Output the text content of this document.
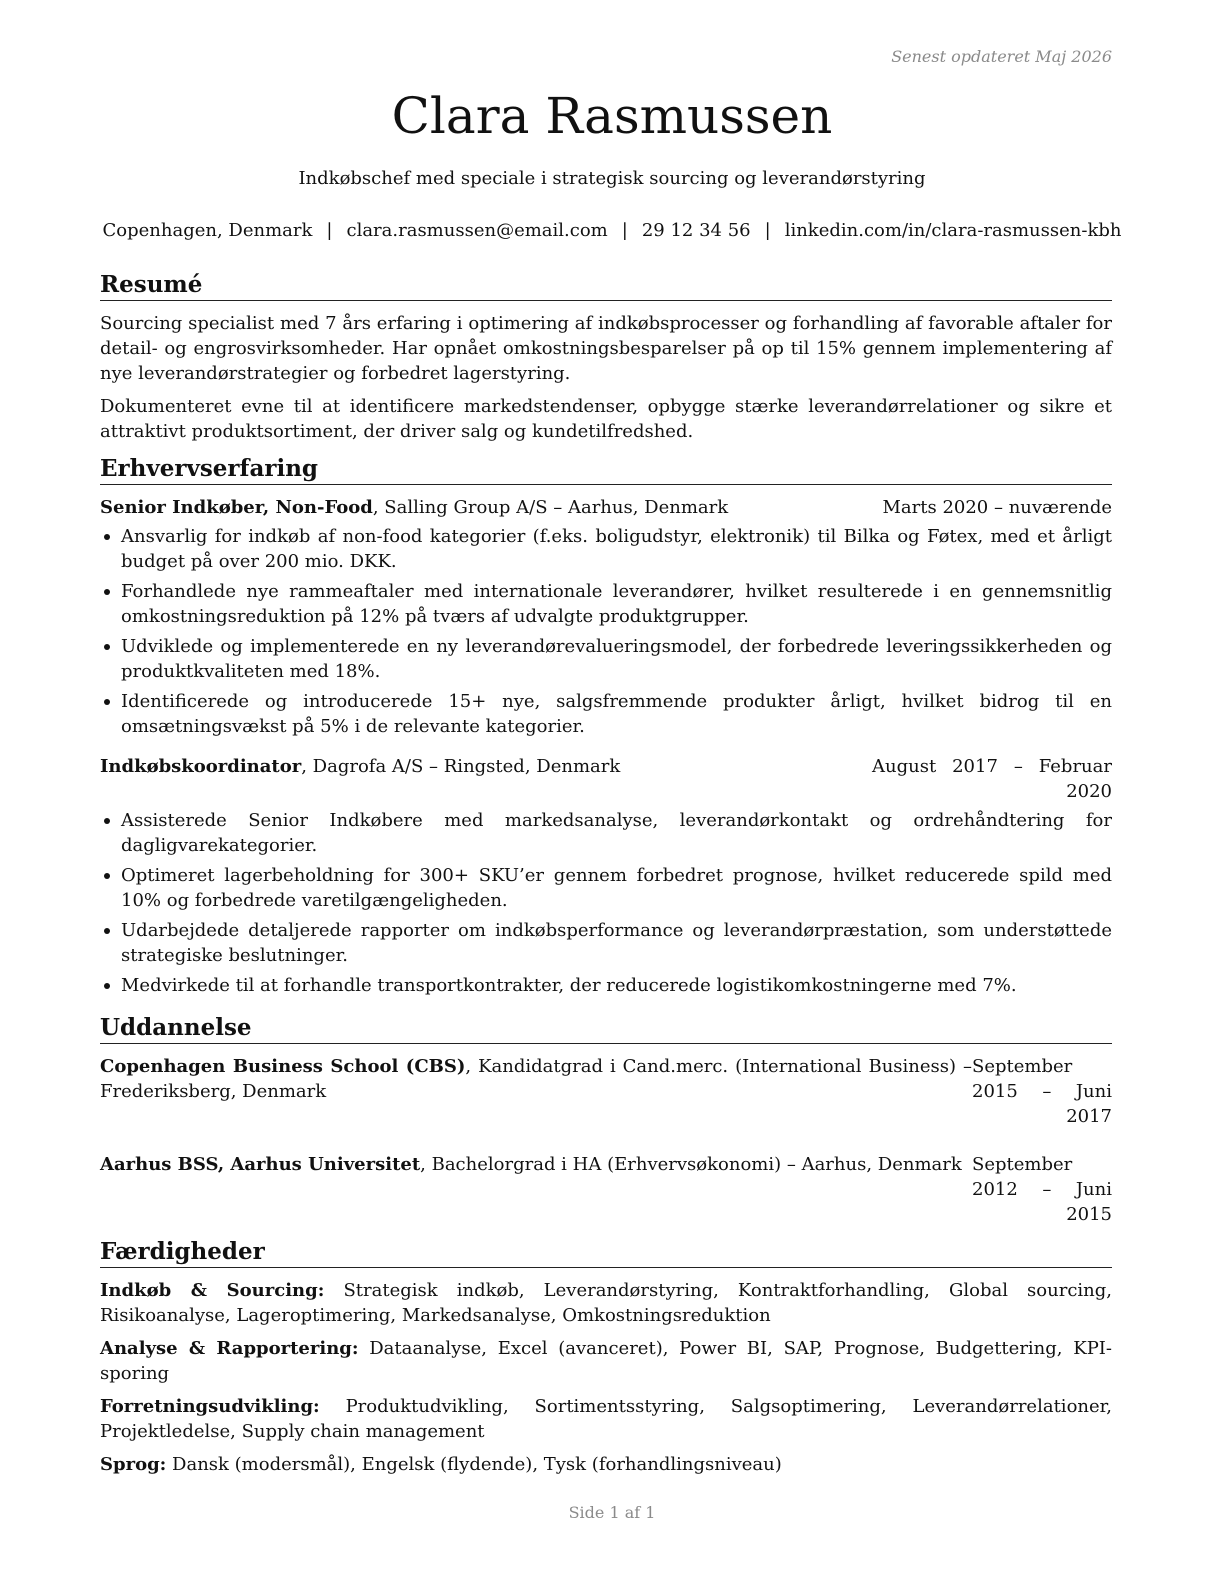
Senest opdateret Maj 2026
Clara Rasmussen
Indkøbschef med speciale i strategisk sourcing og leverandørstyring
Copenhagen, Denmark | clara.rasmussen@email.com | 29 12 34 56 | linkedin.com/in/clara-rasmussen-kbh
Resumé

Sourcing specialist med 7 års erfaring i optimering af indkøbsprocesser og forhandling af favorable aftaler for detail- og engrosvirksomheder. Har opnået omkostningsbesparelser på op til 15% gennem implementering af nye leverandørstrategier og forbedret lagerstyring.

Dokumenteret evne til at identificere markedstendenser, opbygge stærke leverandørrelationer og sikre et attraktivt produktsortiment, der driver salg og kundetilfredshed.

Erhvervserfaring
Senior Indkøber, Non-Food, Salling Group A/S – Aarhus, Denmark	Marts 2020 – nuværende
Ansvarlig for indkøb af non-food kategorier (f.eks. boligudstyr, elektronik) til Bilka og Føtex, med et årligt budget på over 200 mio. DKK.
Forhandlede nye rammeaftaler med internationale leverandører, hvilket resulterede i en gennemsnitlig omkostningsreduktion på 12% på tværs af udvalgte produktgrupper.
Udviklede og implementerede en ny leverandørevalueringsmodel, der forbedrede leveringssikkerheden og produktkvaliteten med 18%.
Identificerede og introducerede 15+ nye, salgsfremmende produkter årligt, hvilket bidrog til en omsætningsvækst på 5% i de relevante kategorier.
Indkøbskoordinator, Dagrofa A/S – Ringsted, Denmark	August 2017 – Februar 2020
Assisterede Senior Indkøbere med markedsanalyse, leverandørkontakt og ordrehåndtering for dagligvarekategorier.
Optimeret lagerbeholdning for 300+ SKU’er gennem forbedret prognose, hvilket reducerede spild med 10% og forbedrede varetilgængeligheden.
Udarbejdede detaljerede rapporter om indkøbsperformance og leverandørpræstation, som understøttede strategiske beslutninger.
Medvirkede til at forhandle transportkontrakter, der reducerede logistikomkostningerne med 7%.
Uddannelse
Copenhagen Business School (CBS), Kandidatgrad i Cand.merc. (International Business) – Frederiksberg, Denmark
September 2015 – Juni 2017
Aarhus BSS, Aarhus Universitet, Bachelorgrad i HA (Erhvervsøkonomi) – Aarhus, Denmark September 2012 – Juni 2015
Færdigheder

Indkøb & Sourcing: Strategisk indkøb, Leverandørstyring, Kontraktforhandling, Global sourcing, Risikoanalyse, Lageroptimering, Markedsanalyse, Omkostningsreduktion

Analyse & Rapportering: Dataanalyse, Excel (avanceret), Power BI, SAP, Prognose, Budgettering, KPI-sporing

Forretningsudvikling: Produktudvikling, Sortimentsstyring, Salgsoptimering, Leverandørrelationer, Projektledelse, Supply chain management

Sprog: Dansk (modersmål), Engelsk (flydende), Tysk (forhandlingsniveau)

Side 1 af 1
